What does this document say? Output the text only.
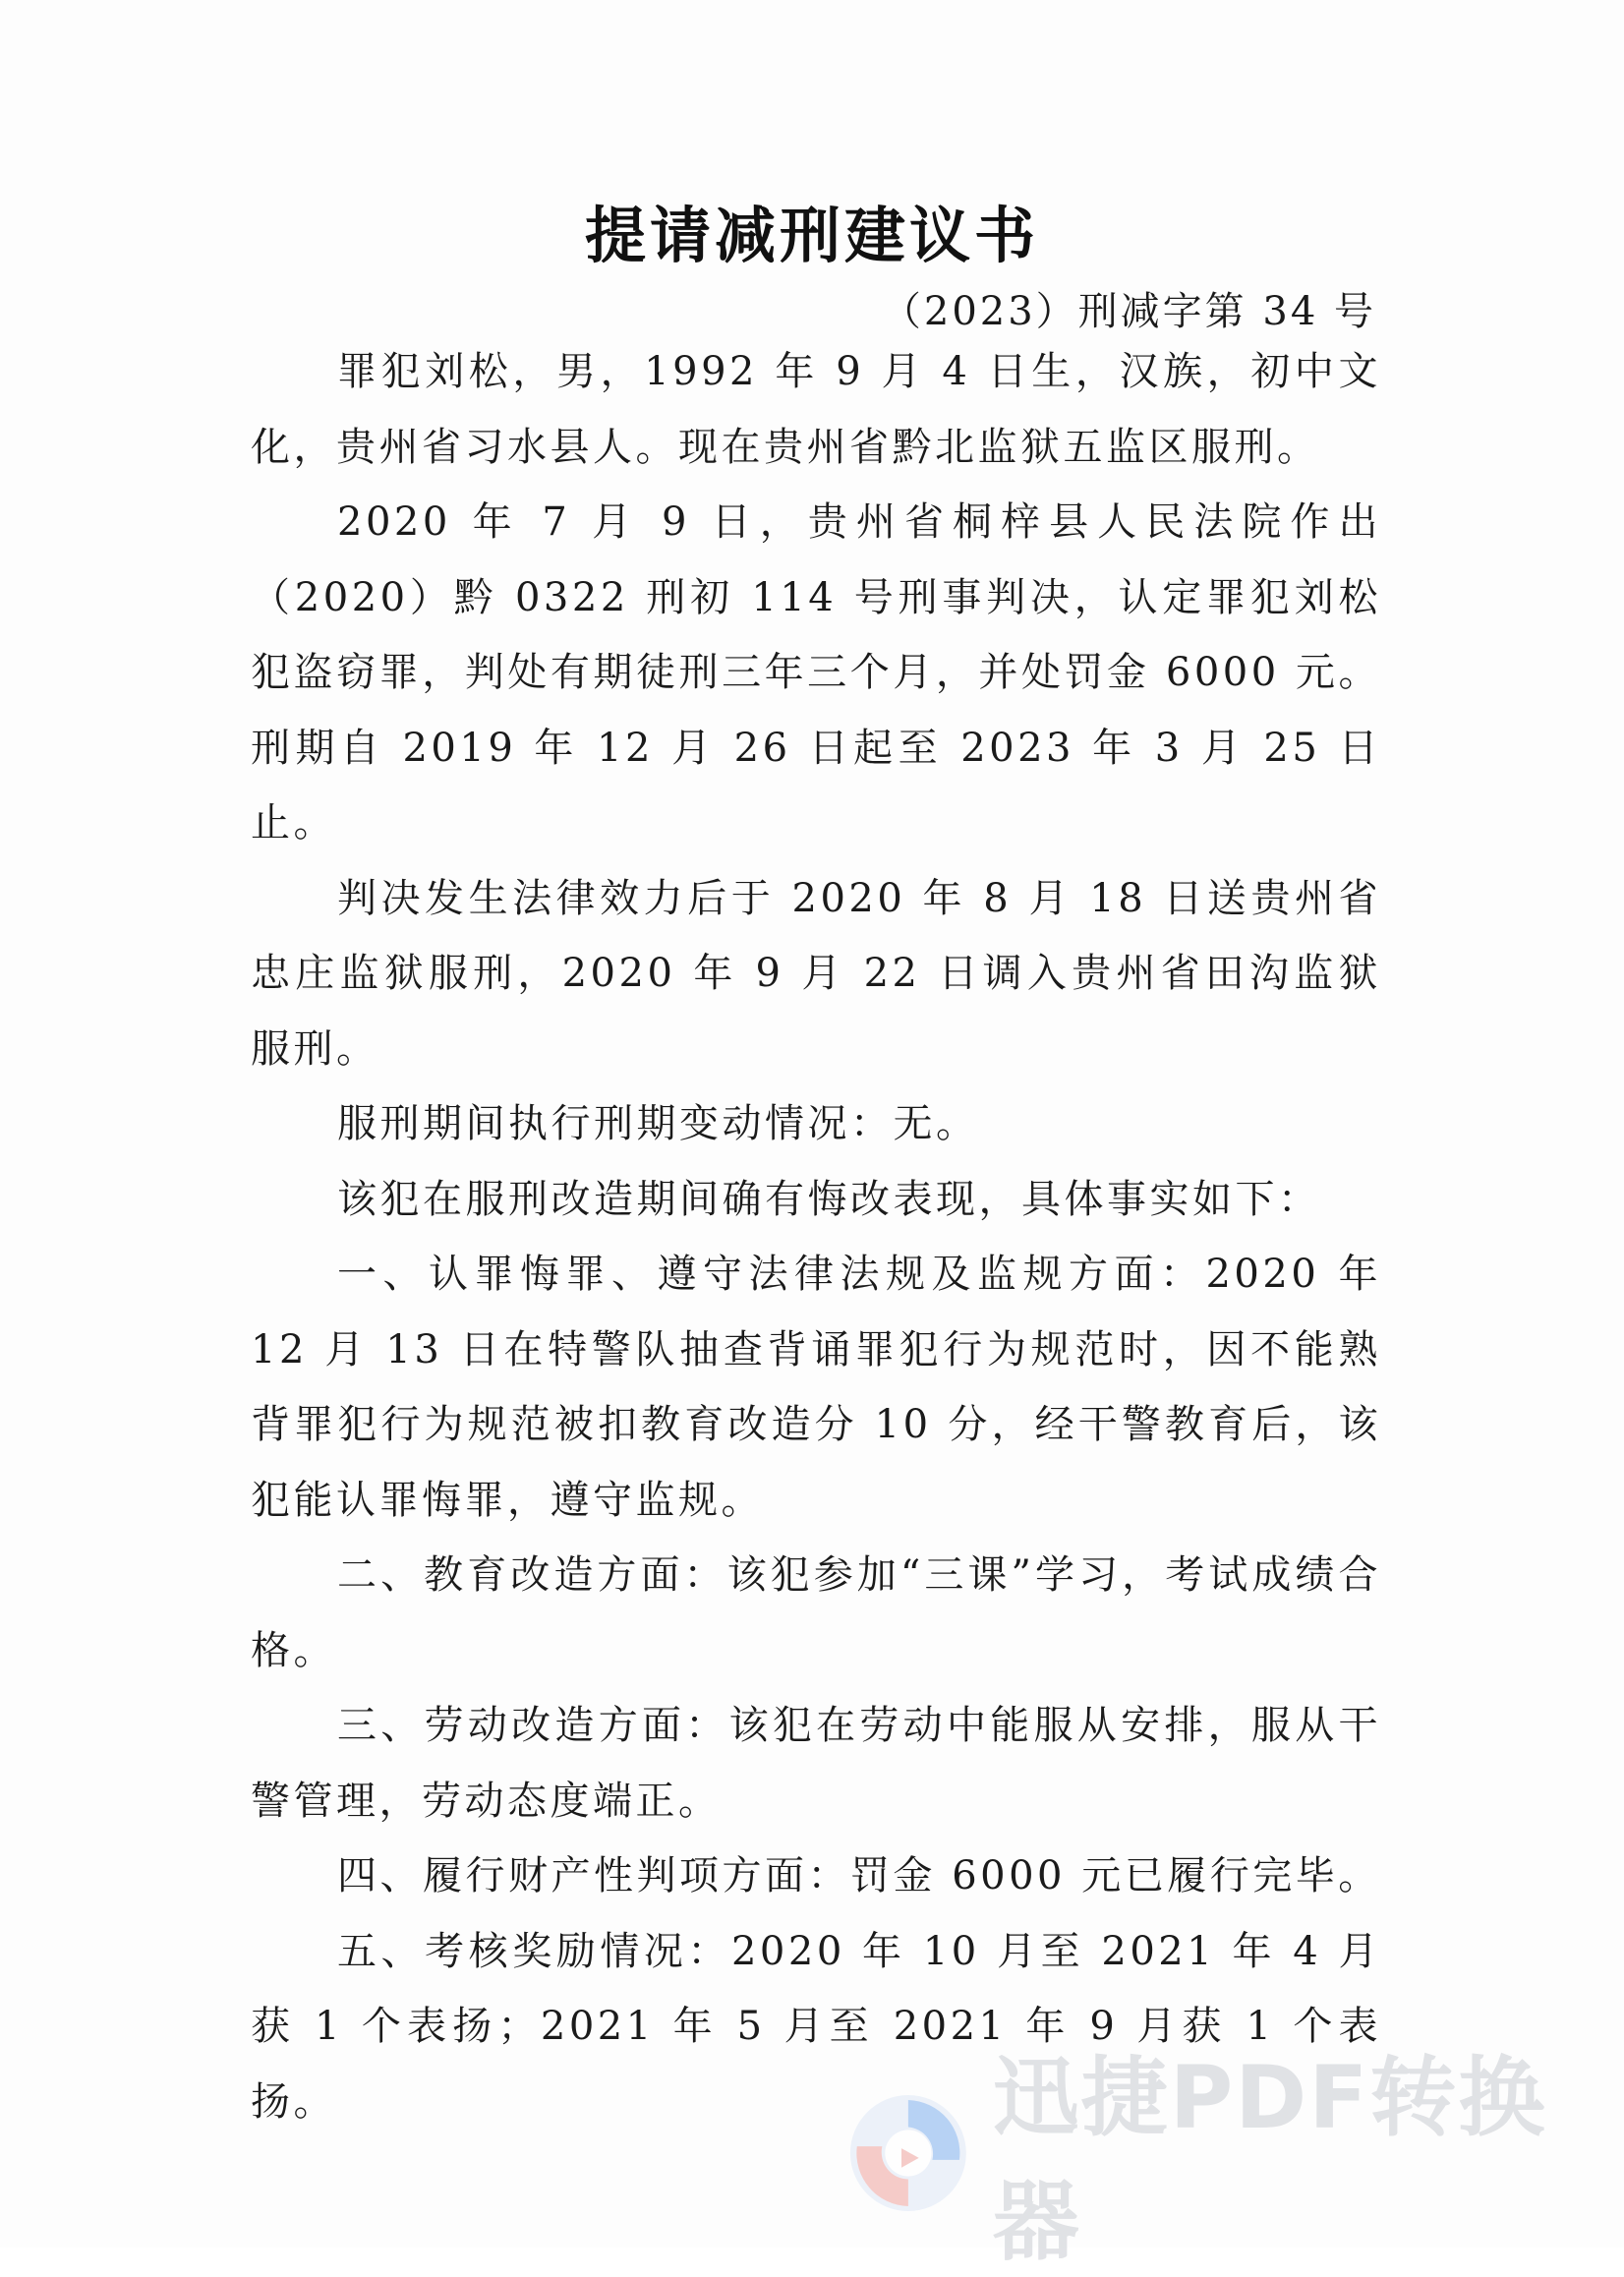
提请减刑建议书
（2023）刑减字第 34 号

罪犯刘松，男，1992 年 9 月 4 日生，汉族，初中文化，贵州省习水县人。现在贵州省黔北监狱五监区服刑。

2020 年 7 月 9 日，贵州省桐梓县人民法院作出（2020）黔 0322 刑初 114 号刑事判决，认定罪犯刘松犯盗窃罪，判处有期徒刑三年三个月，并处罚金 6000 元。刑期自 2019 年 12 月 26 日起至 2023 年 3 月 25 日止。

判决发生法律效力后于 2020 年 8 月 18 日送贵州省忠庄监狱服刑，2020 年 9 月 22 日调入贵州省田沟监狱服刑。

服刑期间执行刑期变动情况：无。

该犯在服刑改造期间确有悔改表现，具体事实如下：

一、认罪悔罪、遵守法律法规及监规方面：2020 年 12 月 13 日在特警队抽查背诵罪犯行为规范时，因不能熟背罪犯行为规范被扣教育改造分 10 分，经干警教育后，该犯能认罪悔罪，遵守监规。

二、教育改造方面：该犯参加“三课”学习，考试成绩合格。

三、劳动改造方面：该犯在劳动中能服从安排，服从干警管理，劳动态度端正。

四、履行财产性判项方面：罚金 6000 元已履行完毕。

五、考核奖励情况：2020 年 10 月至 2021 年 4 月获 1 个表扬；2021 年 5 月至 2021 年 9 月获 1 个表扬。	迅捷PDF转换器
